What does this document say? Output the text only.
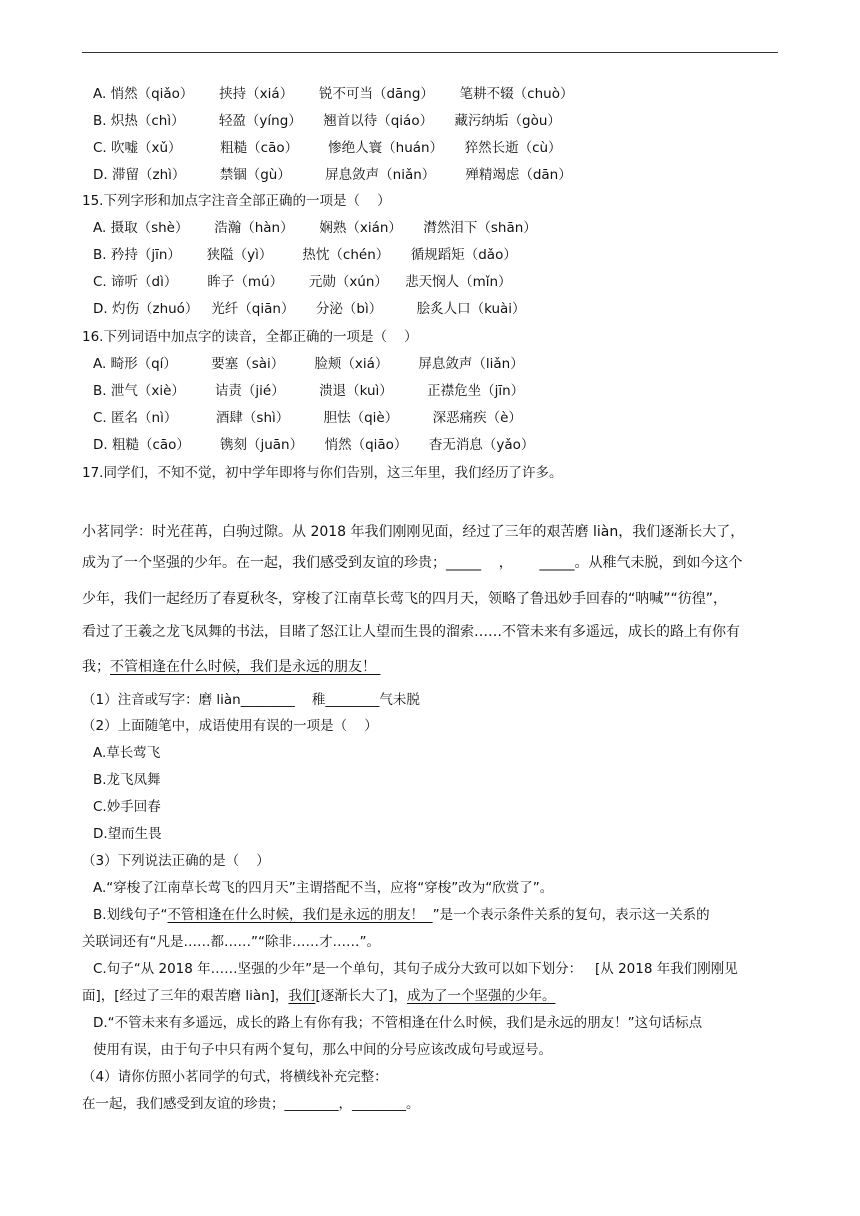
A. 悄然（qiǎo）      挟持（xiá）      锐不可当（dāng）      笔耕不辍（chuò）
B. 炽热（chì）        轻盈（yíng）     翘首以待（qiáo）     藏污纳垢（gòu）
C. 吹嘘（xǔ）         粗糙（cāo）       惨绝人寰（huán）     猝然长逝（cù）
D. 滞留（zhì）        禁锢（gù）        屏息敛声（niǎn）       殚精竭虑（dān）
15.下列字形和加点字注音全部正确的一项是（    ）
A. 摄取（shè）      浩瀚（hàn）      娴熟（xián）     潸然泪下（shān）
B. 矜持（jīn）      狭隘（yì）       热忱（chén）     循规蹈矩（dǎo）
C. 谛听（dì）       眸子（mú）      元勋（xún）    悲天悯人（mǐn）
D. 灼伤（zhuó）   光纤（qiān）     分泌（bì）        脍炙人口（kuài）
16.下列词语中加点字的读音，全都正确的一项是（    ）
A. 畸形（qí）        要塞（sài）       脸颊（xiá）       屏息敛声（liǎn）
B. 泄气（xiè）       诘责（jié）        溃退（kuì）        正襟危坐（jīn）
C. 匿名（nì）         酒肆（shì）        胆怯（qiè）        深恶痛疾（è）
D. 粗糙（cāo）       镌刻（juān）     悄然（qiāo）     杳无消息（yǎo）
17.同学们，不知不觉，初中学年即将与你们告别，这三年里，我们经历了许多。
小茗同学：时光荏苒，白驹过隙。从 2018 年我们刚刚见面，经过了三年的艰苦磨 liàn，我们逐渐长大了，
成为了一个坚强的少年。在一起，我们感受到友谊的珍贵；_____    ，      _____。从稚气未脱，到如今这个
少年，我们一起经历了春夏秋冬，穿梭了江南草长莺飞的四月天，领略了鲁迅妙手回春的“呐喊”“彷徨”，
看过了王羲之龙飞凤舞的书法，目睹了怒江让人望而生畏的溜索……不管未来有多遥远，成长的路上有你有
我；不管相逢在什么时候，我们是永远的朋友！
（1）注音或写字：磨 liàn________    稚________气未脱
（2）上面随笔中，成语使用有误的一项是（    ）
A.草长莺飞
B.龙飞凤舞
C.妙手回春
D.望而生畏
（3）下列说法正确的是（    ）
A.“穿梭了江南草长莺飞的四月天”主谓搭配不当，应将“穿梭”改为“欣赏了”。
B.划线句子“不管相逢在什么时候，我们是永远的朋友！  ”是一个表示条件关系的复句，表示这一关系的
关联词还有“凡是……都……”“除非……才……”。
C.句子“从 2018 年……坚强的少年”是一个单句，其句子成分大致可以如下划分：   [从 2018 年我们刚刚见
面]，[经过了三年的艰苦磨 liàn]，我们[逐渐长大了]，成为了一个坚强的少年。
D.“不管未来有多遥远，成长的路上有你有我；不管相逢在什么时候，我们是永远的朋友！”这句话标点
使用有误，由于句子中只有两个复句，那么中间的分号应该改成句号或逗号。
（4）请你仿照小茗同学的句式，将横线补充完整：
在一起，我们感受到友谊的珍贵；________，________。
